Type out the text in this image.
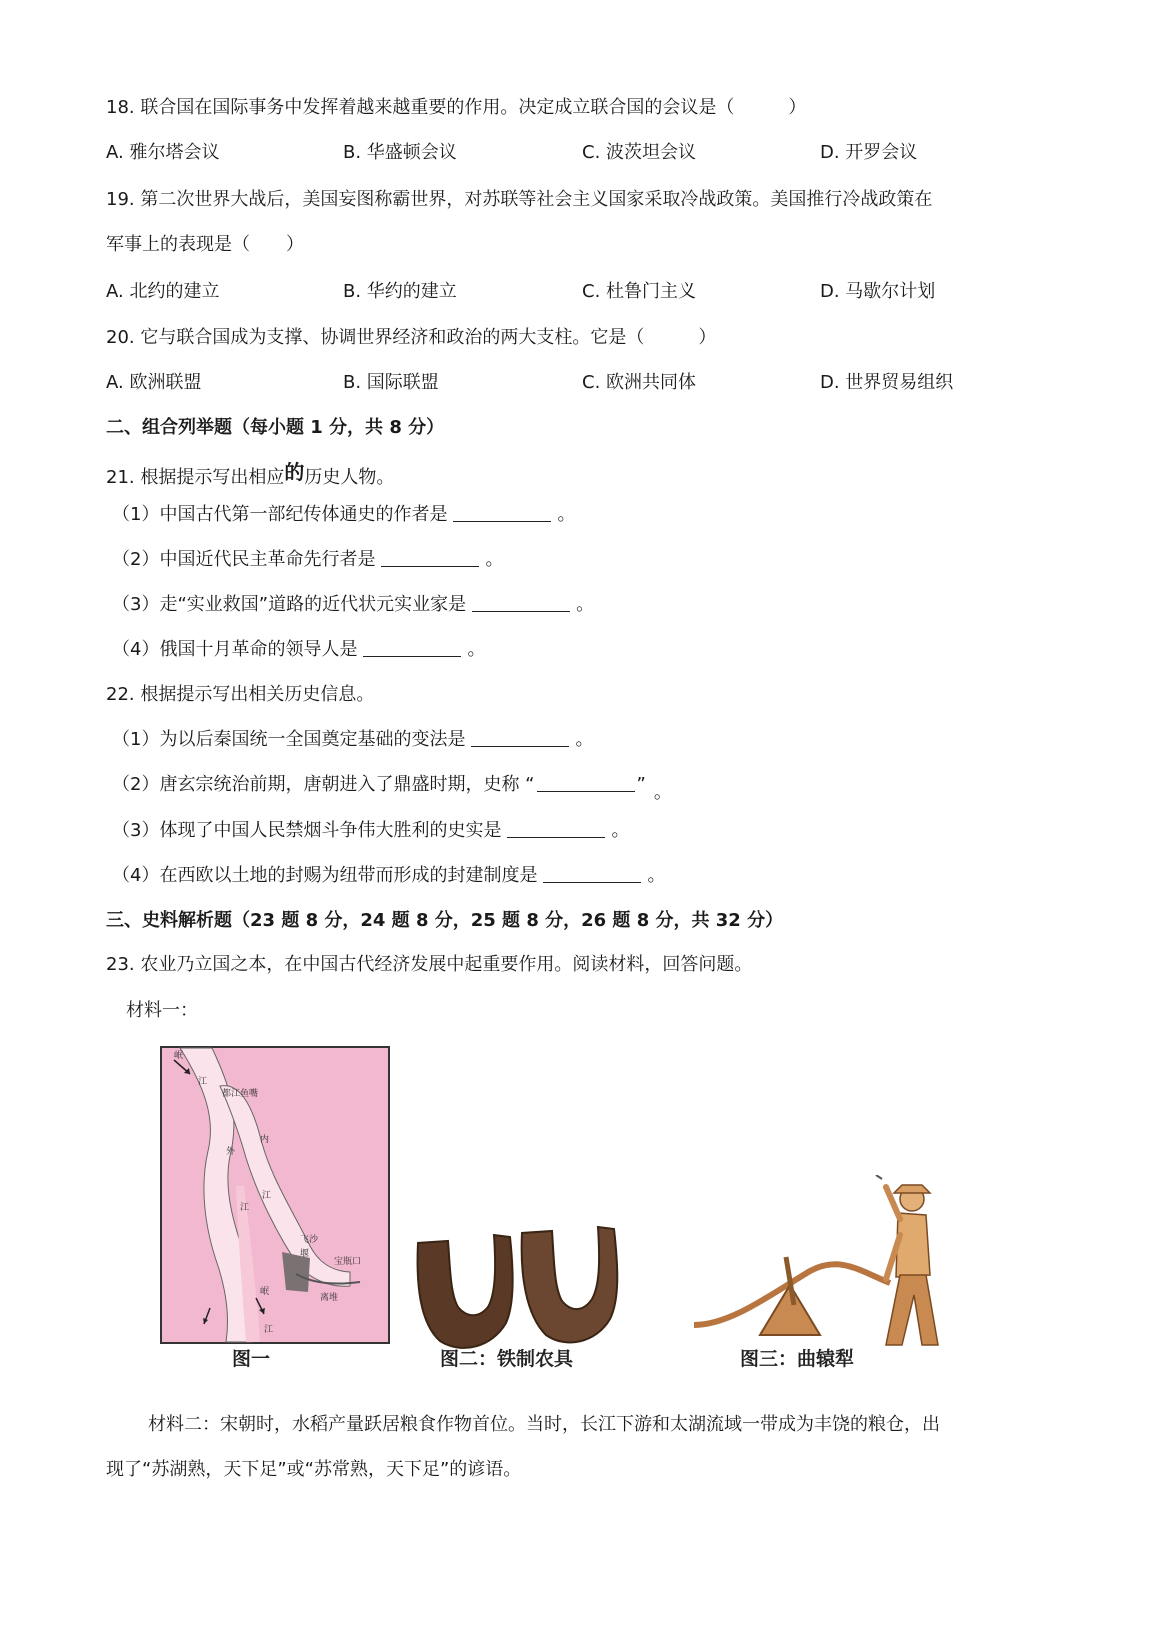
18. 联合国在国际事务中发挥着越来越重要的作用。决定成立联合国的会议是（　　　）
A. 雅尔塔会议	B. 华盛顿会议	C. 波茨坦会议	D. 开罗会议
19. 第二次世界大战后，美国妄图称霸世界，对苏联等社会主义国家采取冷战政策。美国推行冷战政策在
军事上的表现是（　　）
A. 北约的建立	B. 华约的建立	C. 杜鲁门主义	D. 马歇尔计划
20. 它与联合国成为支撑、协调世界经济和政治的两大支柱。它是（　　　）
A. 欧洲联盟	B. 国际联盟	C. 欧洲共同体	D. 世界贸易组织
二、组合列举题（每小题 1 分，共 8 分）
21. 根据提示写出相应的历史人物。
（1）中国古代第一部纪传体通史的作者是	。
（2）中国近代民主革命先行者是	。
（3）走“实业救国”道路的近代状元实业家是	。
（4）俄国十月革命的领导人是	。
22. 根据提示写出相关历史信息。
（1）为以后秦国统一全国奠定基础的变法是	。
（2）唐玄宗统治前期，唐朝进入了鼎盛时期，史称 “	” 。
（3）体现了中国人民禁烟斗争伟大胜利的史实是	。
（4）在西欧以土地的封赐为纽带而形成的封建制度是	。
三、史料解析题（23 题 8 分，24 题 8 分，25 题 8 分，26 题 8 分，共 32 分）
23. 农业乃立国之本，在中国古代经济发展中起重要作用。阅读材料，回答问题。
材料一：
岷
江
都江鱼嘴
外
内
江
江
飞沙
堰
宝瓶口
离堆
岷
江
图一	图二：铁制农具	图三：曲辕犁
材料二：宋朝时，水稻产量跃居粮食作物首位。当时，长江下游和太湖流域一带成为丰饶的粮仓，出
现了“苏湖熟，天下足”或“苏常熟，天下足”的谚语。
